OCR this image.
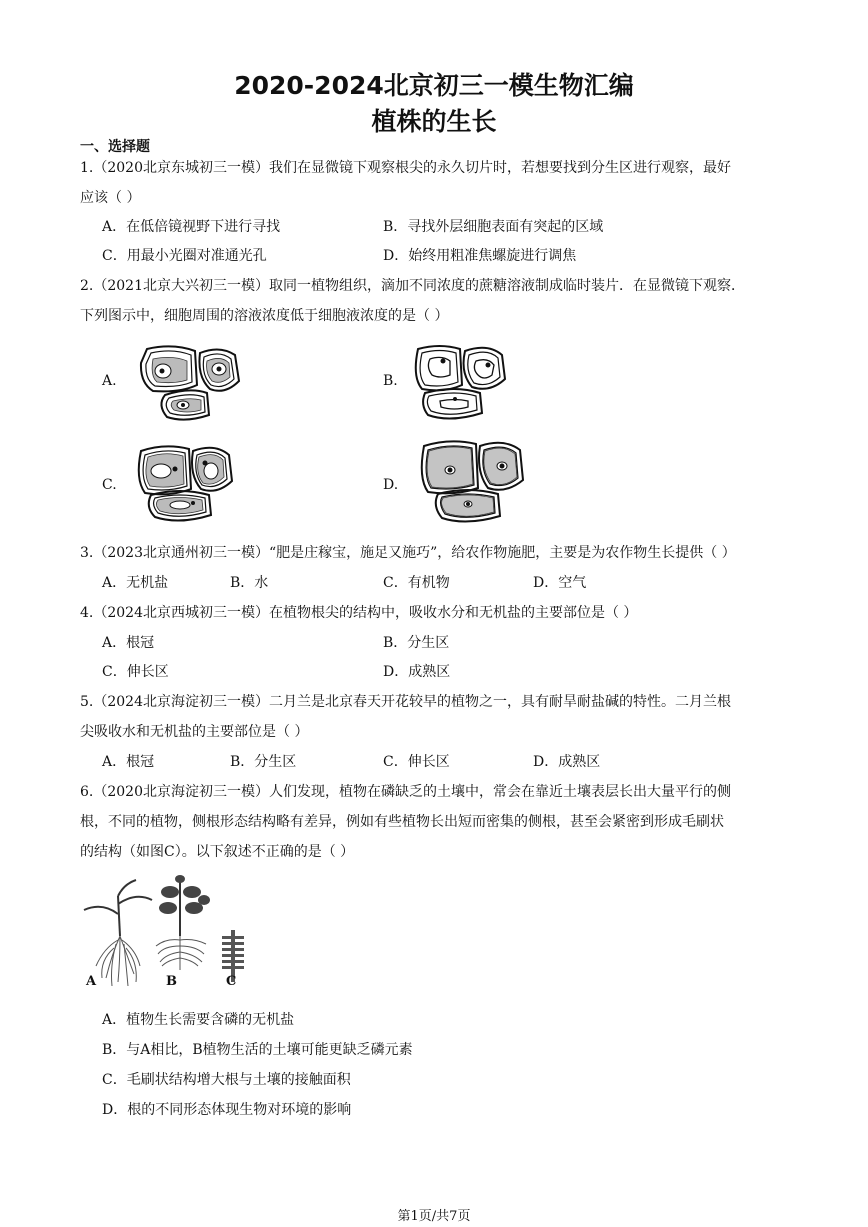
2020-2024北京初三一模生物汇编
植株的生长
一、选择题
1.（2020北京东城初三一模）我们在显微镜下观察根尖的永久切片时，若想要找到分生区进行观察，最好
应该（ ）
A．在低倍镜视野下进行寻找	B．寻找外层细胞表面有突起的区域
C．用最小光圈对准通光孔	D．始终用粗准焦螺旋进行调焦
2.（2021北京大兴初三一模）取同一植物组织，滴加不同浓度的蔗糖溶液制成临时装片．在显微镜下观察．
下列图示中，细胞周围的溶液浓度低于细胞液浓度的是（ ）
A.	B.
C.	D.
3.（2023北京通州初三一模）“肥是庄稼宝，施足又施巧”，给农作物施肥，主要是为农作物生长提供（ ）
A．无机盐	B．水	C．有机物	D．空气
4.（2024北京西城初三一模）在植物根尖的结构中，吸收水分和无机盐的主要部位是（ ）
A．根冠	B．分生区
C．伸长区	D．成熟区
5.（2024北京海淀初三一模）二月兰是北京春天开花较早的植物之一，具有耐旱耐盐碱的特性。二月兰根
尖吸收水和无机盐的主要部位是（ ）
A．根冠	B．分生区	C．伸长区	D．成熟区
6.（2020北京海淀初三一模）人们发现，植物在磷缺乏的土壤中，常会在靠近土壤表层长出大量平行的侧
根，不同的植物，侧根形态结构略有差异，例如有些植物长出短而密集的侧根，甚至会紧密到形成毛刷状
的结构（如图C）。以下叙述不正确的是（ ）
A	B	C
A．植物生长需要含磷的无机盐
B．与A相比，B植物生活的土壤可能更缺乏磷元素
C．毛刷状结构增大根与土壤的接触面积
D．根的不同形态体现生物对环境的影响
第1页/共7页
